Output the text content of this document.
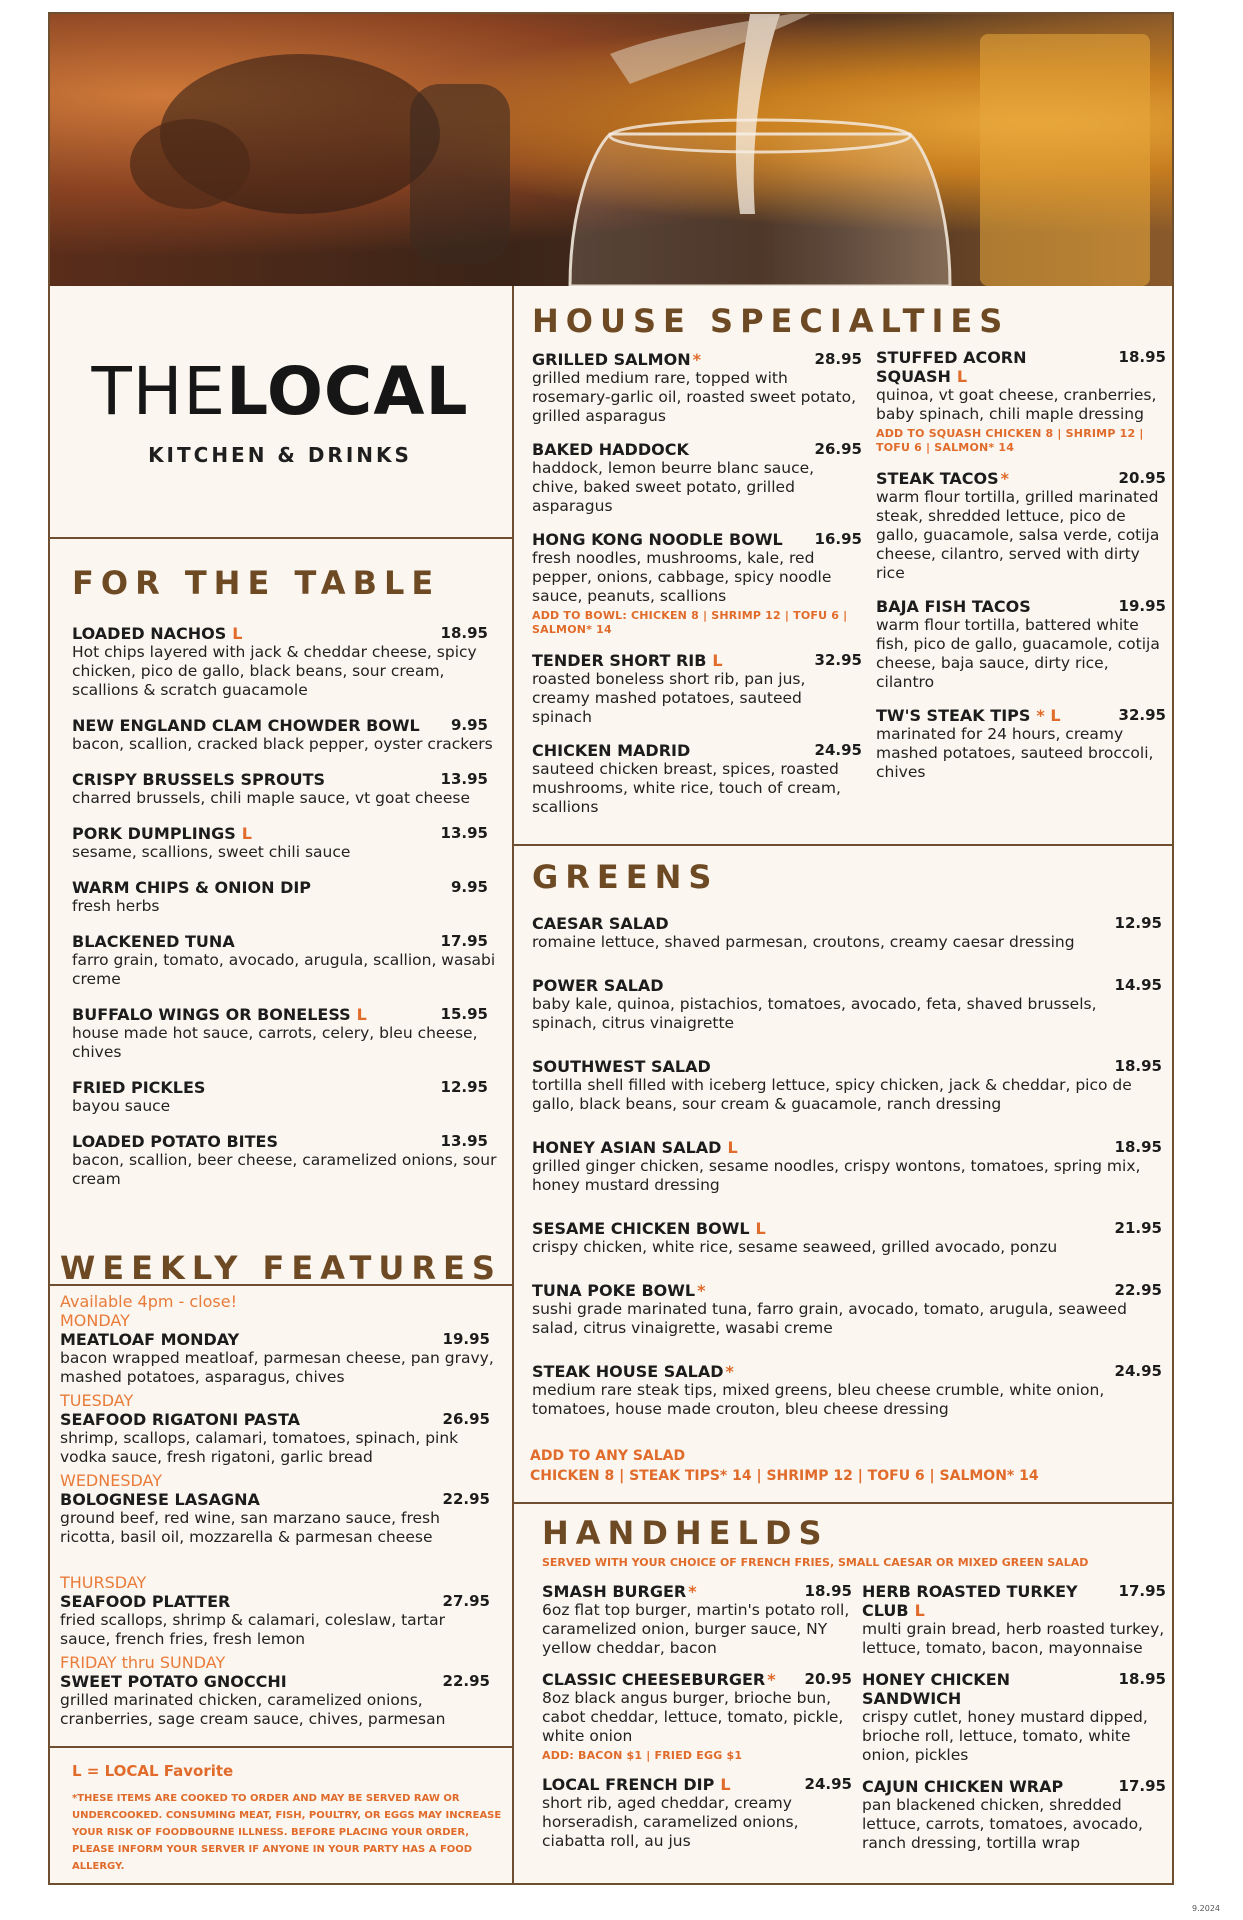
THELOCAL
KITCHEN & DRINKS
FOR THE TABLE
LOADED NACHOS L	18.95
Hot chips layered with jack & cheddar cheese, spicy chicken, pico de gallo, black beans, sour cream, scallions & scratch guacamole
NEW ENGLAND CLAM CHOWDER BOWL	9.95
bacon, scallion, cracked black pepper, oyster crackers
CRISPY BRUSSELS SPROUTS	13.95
charred brussels, chili maple sauce, vt goat cheese
PORK DUMPLINGS L	13.95
sesame, scallions, sweet chili sauce
WARM CHIPS & ONION DIP	9.95
fresh herbs
BLACKENED TUNA	17.95
farro grain, tomato, avocado, arugula, scallion, wasabi creme
BUFFALO WINGS OR BONELESS L	15.95
house made hot sauce, carrots, celery, bleu cheese, chives
FRIED PICKLES	12.95
bayou sauce
LOADED POTATO BITES	13.95
bacon, scallion, beer cheese, caramelized onions, sour cream
WEEKLY FEATURES
Available 4pm - close!
MONDAY
MEATLOAF MONDAY	19.95
bacon wrapped meatloaf, parmesan cheese, pan gravy, mashed potatoes, asparagus, chives
TUESDAY
SEAFOOD RIGATONI PASTA	26.95
shrimp, scallops, calamari, tomatoes, spinach, pink vodka sauce, fresh rigatoni, garlic bread
WEDNESDAY
BOLOGNESE LASAGNA	22.95
ground beef, red wine, san marzano sauce, fresh ricotta, basil oil, mozzarella & parmesan cheese
THURSDAY
SEAFOOD PLATTER	27.95
fried scallops, shrimp & calamari, coleslaw, tartar sauce, french fries, fresh lemon
FRIDAY thru SUNDAY
SWEET POTATO GNOCCHI	22.95
grilled marinated chicken, caramelized onions, cranberries, sage cream sauce, chives, parmesan
L = LOCAL Favorite
*THESE ITEMS ARE COOKED TO ORDER AND MAY BE SERVED RAW OR UNDERCOOKED. CONSUMING MEAT, FISH, POULTRY, OR EGGS MAY INCREASE YOUR RISK OF FOODBOURNE ILLNESS. BEFORE PLACING YOUR ORDER, PLEASE INFORM YOUR SERVER IF ANYONE IN YOUR PARTY HAS A FOOD ALLERGY.
HOUSE SPECIALTIES
GRILLED SALMON *	28.95
grilled medium rare, topped with rosemary-garlic oil, roasted sweet potato, grilled asparagus
BAKED HADDOCK	26.95
haddock, lemon beurre blanc sauce, chive, baked sweet potato, grilled asparagus
HONG KONG NOODLE BOWL	16.95
fresh noodles, mushrooms, kale, red pepper, onions, cabbage, spicy noodle sauce, peanuts, scallions
ADD TO BOWL: CHICKEN 8 | SHRIMP 12 | TOFU 6 | SALMON* 14
TENDER SHORT RIB L	32.95
roasted boneless short rib, pan jus, creamy mashed potatoes, sauteed spinach
CHICKEN MADRID	24.95
sauteed chicken breast, spices, roasted mushrooms, white rice, touch of cream, scallions
STUFFED ACORN SQUASH L
18.95
quinoa, vt goat cheese, cranberries, baby spinach, chili maple dressing
ADD TO SQUASH CHICKEN 8 | SHRIMP 12 | TOFU 6 | SALMON* 14
STEAK TACOS *	20.95
warm flour tortilla, grilled marinated steak, shredded lettuce, pico de gallo, guacamole, salsa verde, cotija cheese, cilantro, served with dirty rice
BAJA FISH TACOS	19.95
warm flour tortilla, battered white fish, pico de gallo, guacamole, cotija cheese, baja sauce, dirty rice, cilantro
TW'S STEAK TIPS * L	32.95
marinated for 24 hours, creamy mashed potatoes, sauteed broccoli, chives
GREENS
CAESAR SALAD	12.95
romaine lettuce, shaved parmesan, croutons, creamy caesar dressing
POWER SALAD	14.95
baby kale, quinoa, pistachios, tomatoes, avocado, feta, shaved brussels, spinach, citrus vinaigrette
SOUTHWEST SALAD	18.95
tortilla shell filled with iceberg lettuce, spicy chicken, jack & cheddar, pico de gallo, black beans, sour cream & guacamole, ranch dressing
HONEY ASIAN SALAD L	18.95
grilled ginger chicken, sesame noodles, crispy wontons, tomatoes, spring mix, honey mustard dressing
SESAME CHICKEN BOWL L	21.95
crispy chicken, white rice, sesame seaweed, grilled avocado, ponzu
TUNA POKE BOWL *	22.95
sushi grade marinated tuna, farro grain, avocado, tomato, arugula, seaweed salad, citrus vinaigrette, wasabi creme
STEAK HOUSE SALAD *	24.95
medium rare steak tips, mixed greens, bleu cheese crumble, white onion, tomatoes, house made crouton, bleu cheese dressing
ADD TO ANY SALAD
CHICKEN 8 | STEAK TIPS* 14 | SHRIMP 12 | TOFU 6 | SALMON* 14
HANDHELDS
SERVED WITH YOUR CHOICE OF FRENCH FRIES, SMALL CAESAR OR MIXED GREEN SALAD
SMASH BURGER *	18.95
6oz flat top burger, martin's potato roll, caramelized onion, burger sauce, NY yellow cheddar, bacon
CLASSIC CHEESEBURGER *	20.95
8oz black angus burger, brioche bun, cabot cheddar, lettuce, tomato, pickle, white onion
ADD: BACON $1 | FRIED EGG $1
LOCAL FRENCH DIP L	24.95
short rib, aged cheddar, creamy horseradish, caramelized onions, ciabatta roll, au jus
HERB ROASTED TURKEY CLUB L
17.95
multi grain bread, herb roasted turkey, lettuce, tomato, bacon, mayonnaise
HONEY CHICKEN SANDWICH
18.95
crispy cutlet, honey mustard dipped, brioche roll, lettuce, tomato, white onion, pickles
CAJUN CHICKEN WRAP	17.95
pan blackened chicken, shredded lettuce, carrots, tomatoes, avocado, ranch dressing, tortilla wrap
9.2024
